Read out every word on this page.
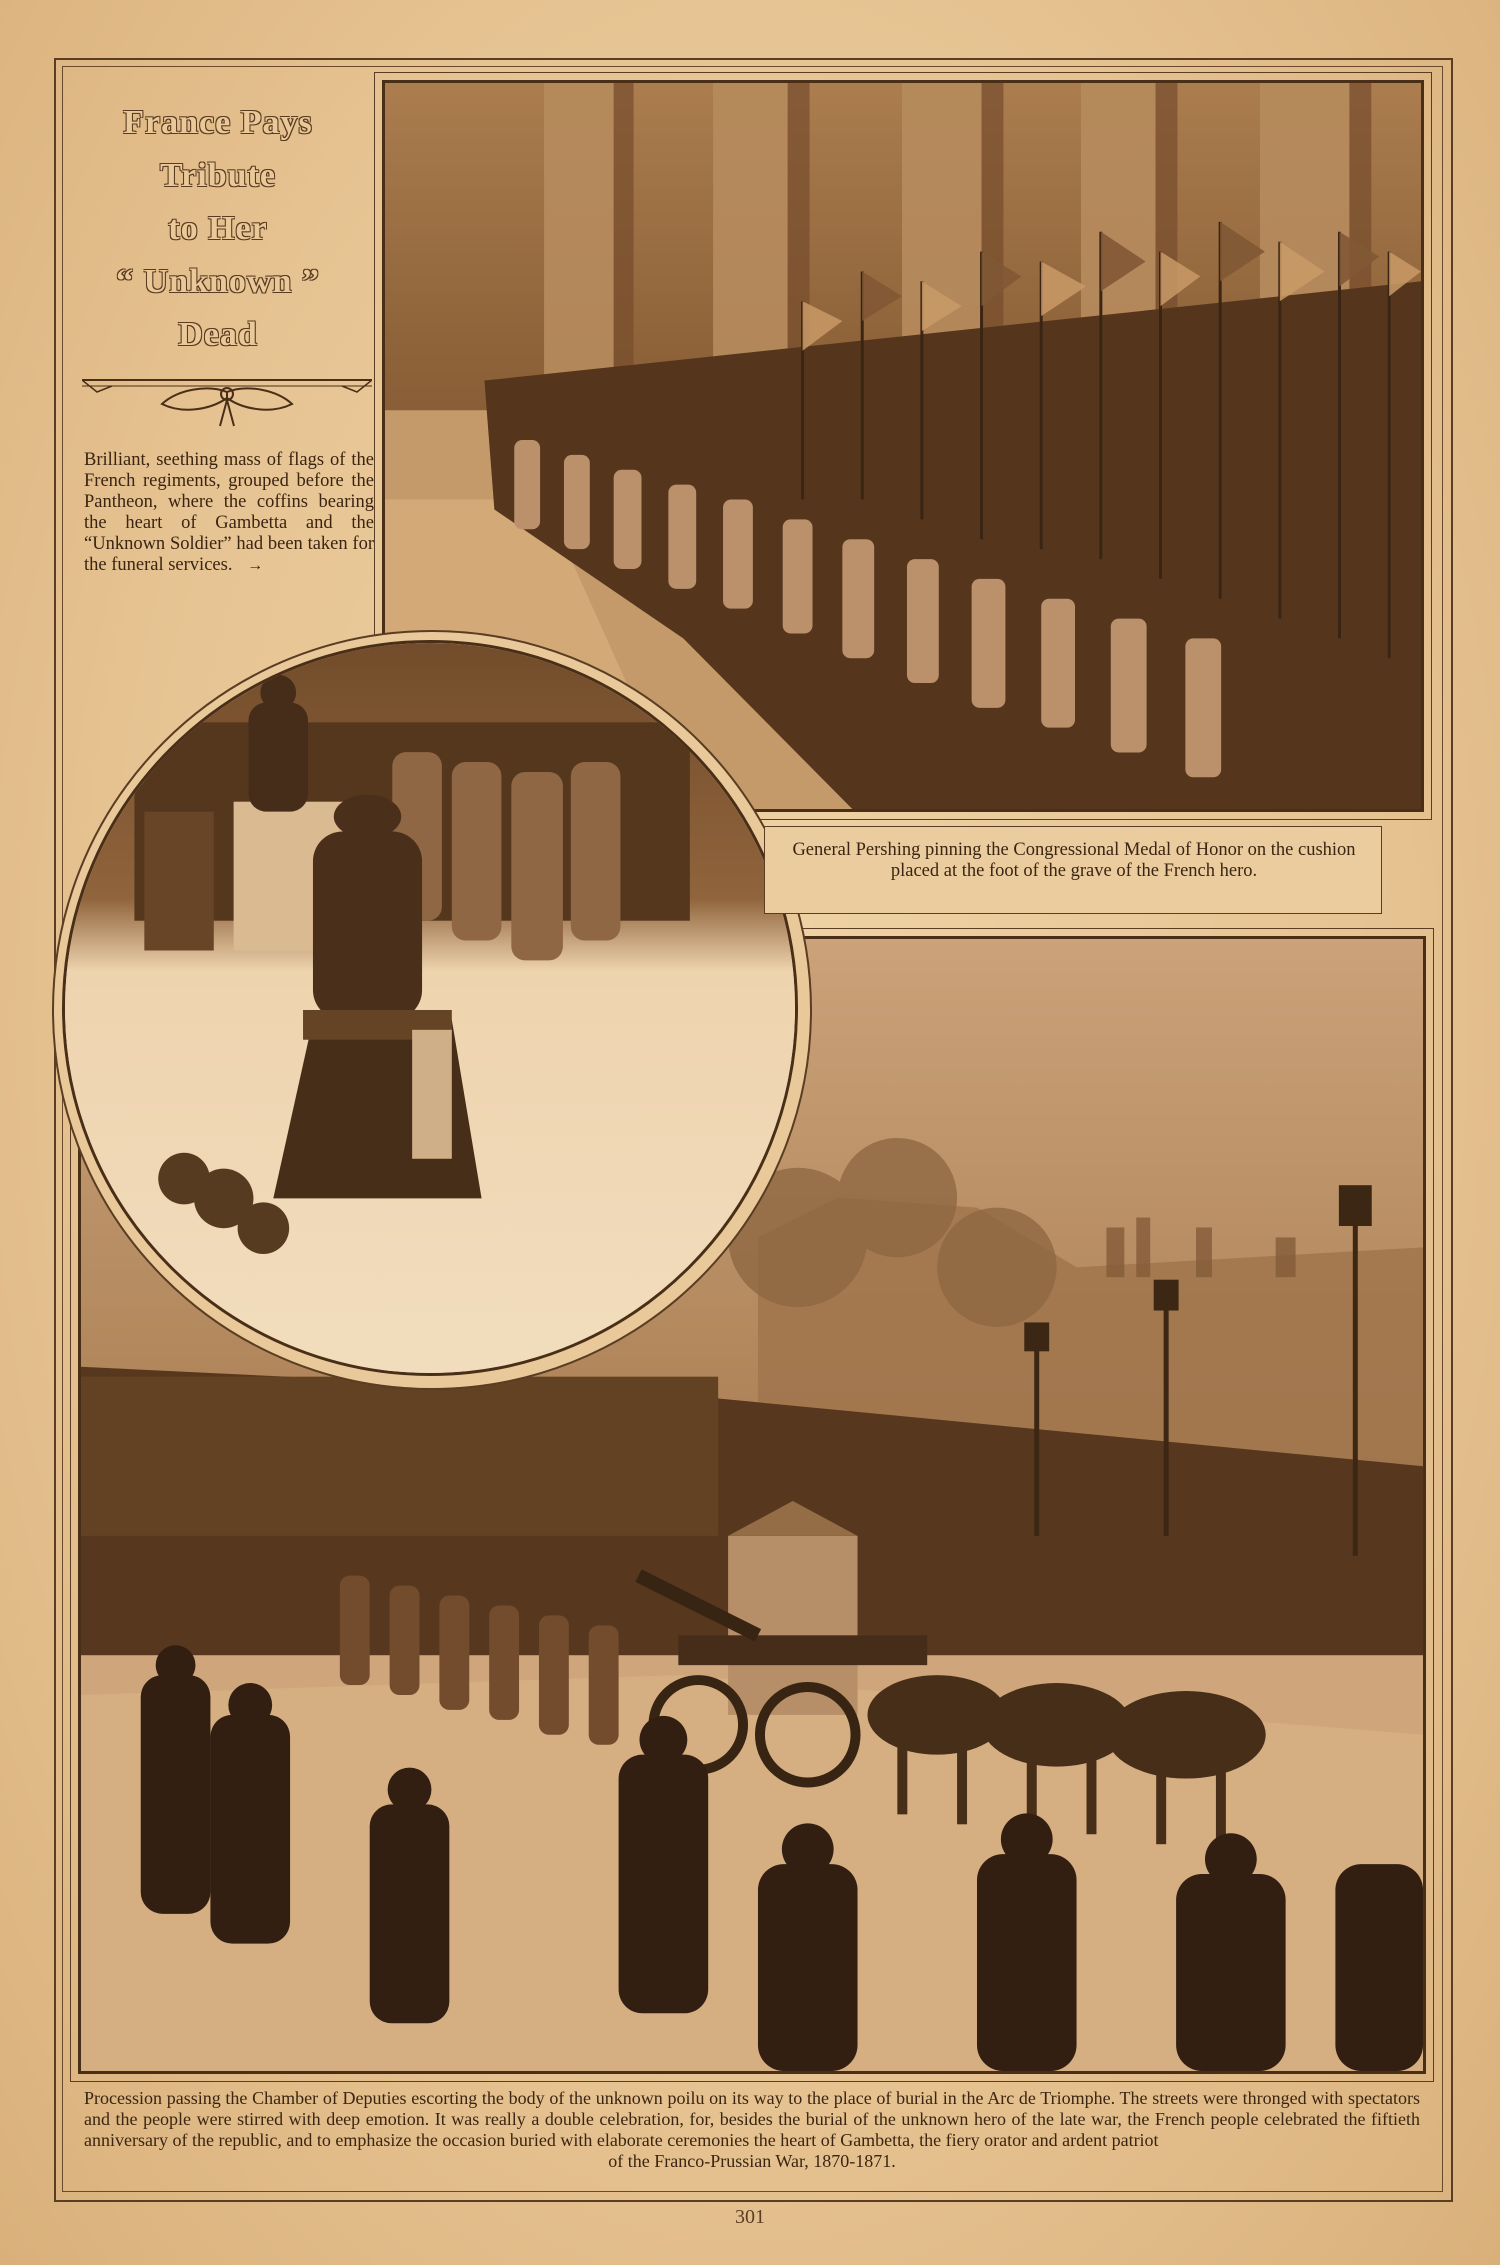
France Pays
Tribute
to Her
“ Unknown ”
Dead
Brilliant, seething mass of flags of the French regiments, grouped before the Pantheon, where the coffins bearing the heart of Gambetta and the “Unknown Soldier” had been taken for the funeral services. →
General Pershing pinning the Congressional Medal of Honor on the cushion placed at the foot of the grave of the French hero.
Procession passing the Chamber of Deputies escorting the body of the unknown poilu on its way to the place of burial in the Arc de Triomphe. The streets were thronged with spectators and the people were stirred with deep emotion. It was really a double celebration, for, besides the burial of the unknown hero of the late war, the French people celebrated the fiftieth anniversary of the republic, and to emphasize the occasion buried with elaborate ceremonies the heart of Gambetta, the fiery orator and ardent patriot
of the Franco-Prussian War, 1870-1871.
301
